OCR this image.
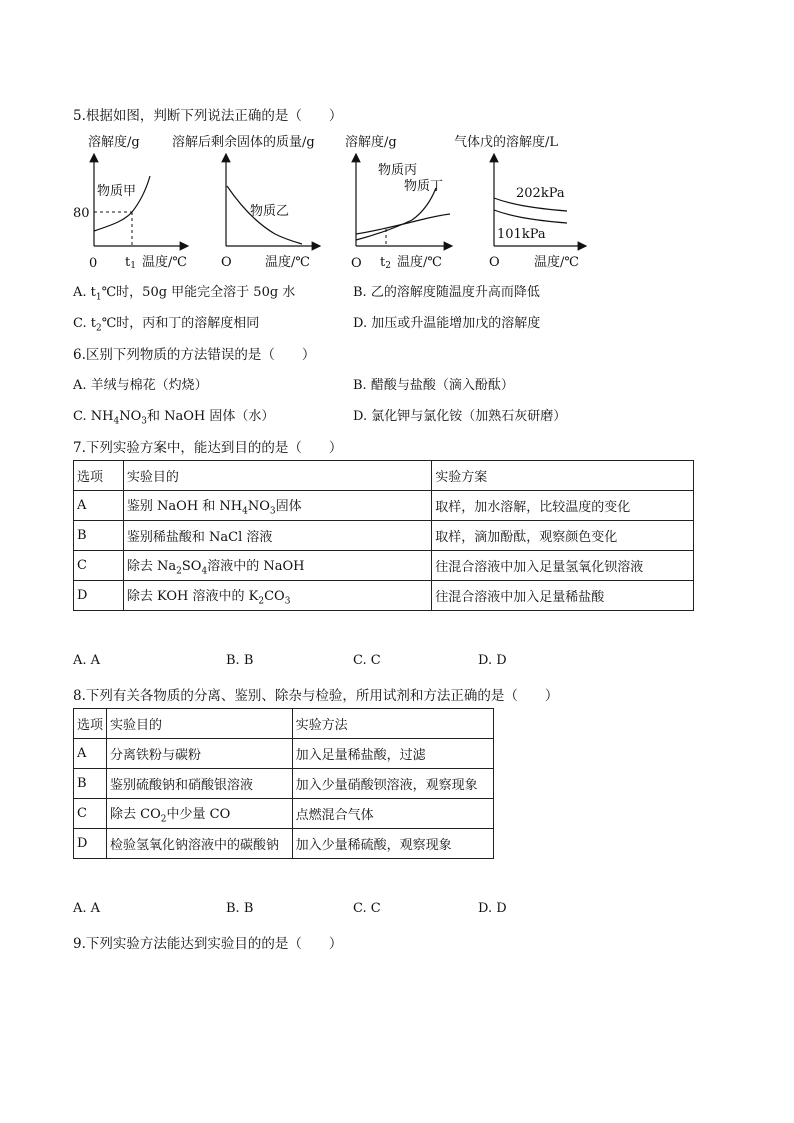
5.根据如图，判断下列说法正确的是（　　）
溶解度/g
物质甲
80
0 t1 温度/℃
溶解后剩余固体的质量/g
物质乙
O	温度/℃
溶解度/g
物质丙
物质丁
O t2 温度/℃
气体戊的溶解度/L
202kPa
101kPa
O	温度/℃
A. $t_1℃$时，50g 甲能完全溶于 50g 水	B. 乙的溶解度随温度升高而降低
C. $t_2℃$时，丙和丁的溶解度相同	D. 加压或升温能增加戊的溶解度
6.区别下列物质的方法错误的是（　　）
A. 羊绒与棉花（灼烧）	B. 醋酸与盐酸（滴入酚酞）
C. $NH_4NO_3$和 NaOH 固体（水）	D. 氯化钾与氯化铵（加熟石灰研磨）
7.下列实验方案中，能达到目的的是（　　）
选项	实验目的	实验方案
A	鉴别 NaOH 和 $NH_4NO_3$固体	取样，加水溶解，比较温度的变化
B	鉴别稀盐酸和 NaCl 溶液	取样，滴加酚酞，观察颜色变化
C	除去 $Na_2SO_4$溶液中的 NaOH	往混合溶液中加入足量氢氧化钡溶液
D	除去 KOH 溶液中的 $K_2CO_3$	往混合溶液中加入足量稀盐酸
A. A	B. B	C. C	D. D
8.下列有关各物质的分离、鉴别、除杂与检验，所用试剂和方法正确的是（　　）
选项	实验目的	实验方法
A	分离铁粉与碳粉	加入足量稀盐酸，过滤
B	鉴别硫酸钠和硝酸银溶液	加入少量硝酸钡溶液，观察现象
C	除去 $CO_2$中少量 CO	点燃混合气体
D	检验氢氧化钠溶液中的碳酸钠	加入少量稀硫酸，观察现象
A. A	B. B	C. C	D. D
9.下列实验方法能达到实验目的的是（　　）
